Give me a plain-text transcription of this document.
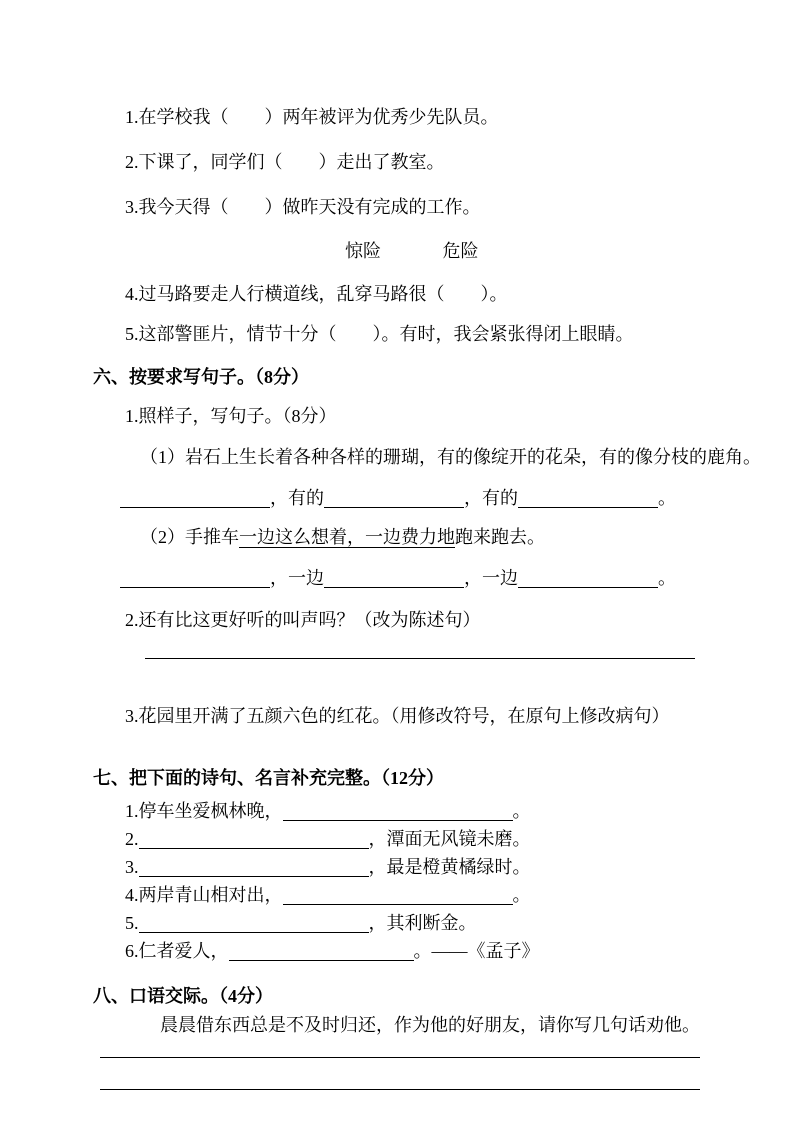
1.在学校我（　　）两年被评为优秀少先队员。
2.下课了，同学们（　　）走出了教室。
3.我今天得（　　）做昨天没有完成的工作。
惊险	危险
4.过马路要走人行横道线，乱穿马路很（　　）。
5.这部警匪片，情节十分（　　）。有时，我会紧张得闭上眼睛。
六、按要求写句子。（8分）
1.照样子，写句子。（8分）
（1）岩石上生长着各种各样的珊瑚，有的像绽开的花朵，有的像分枝的鹿角。
，有的	，有的	。
（2）手推车一边这么想着，一边费力地跑来跑去。
，一边	，一边	。
2.还有比这更好听的叫声吗？（改为陈述句）
3.花园里开满了五颜六色的红花。（用修改符号，在原句上修改病句）
七、把下面的诗句、名言补充完整。（12分）
1.停车坐爱枫林晚，	。
2.	，潭面无风镜未磨。
3.	，最是橙黄橘绿时。
4.两岸青山相对出，	。
5.	，其利断金。
6.仁者爱人，	。——《孟子》
八、口语交际。（4分）
晨晨借东西总是不及时归还，作为他的好朋友，请你写几句话劝他。
